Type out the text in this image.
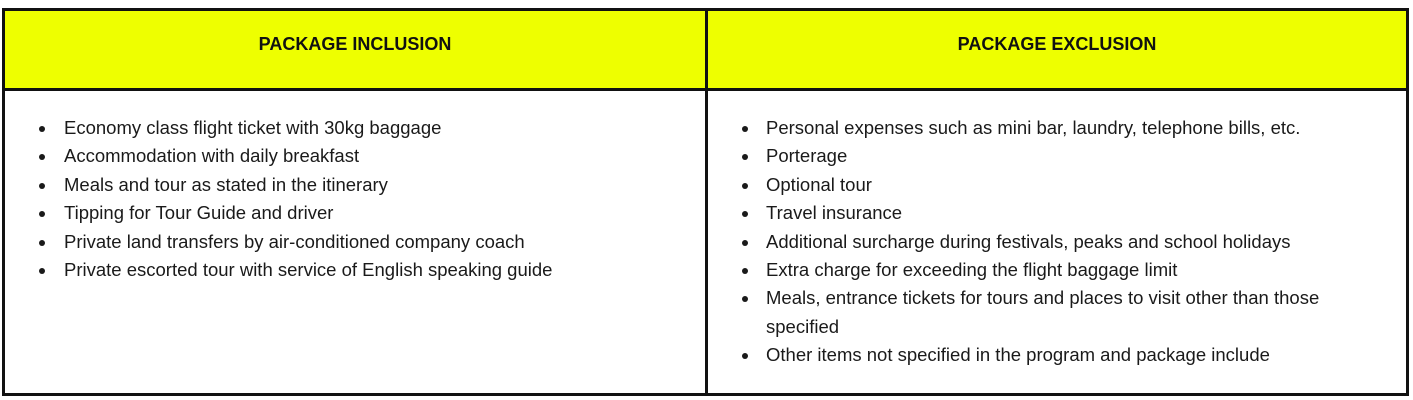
PACKAGE INCLUSION	PACKAGE EXCLUSION
Economy class flight ticket with 30kg baggage
Accommodation with daily breakfast
Meals and tour as stated in the itinerary
Tipping for Tour Guide and driver
Private land transfers by air-conditioned company coach
Private escorted tour with service of English speaking guide
Personal expenses such as mini bar, laundry, telephone bills, etc.
Porterage
Optional tour
Travel insurance
Additional surcharge during festivals, peaks and school holidays
Extra charge for exceeding the flight baggage limit
Meals, entrance tickets for tours and places to visit other than those specified
Other items not specified in the program and package include
